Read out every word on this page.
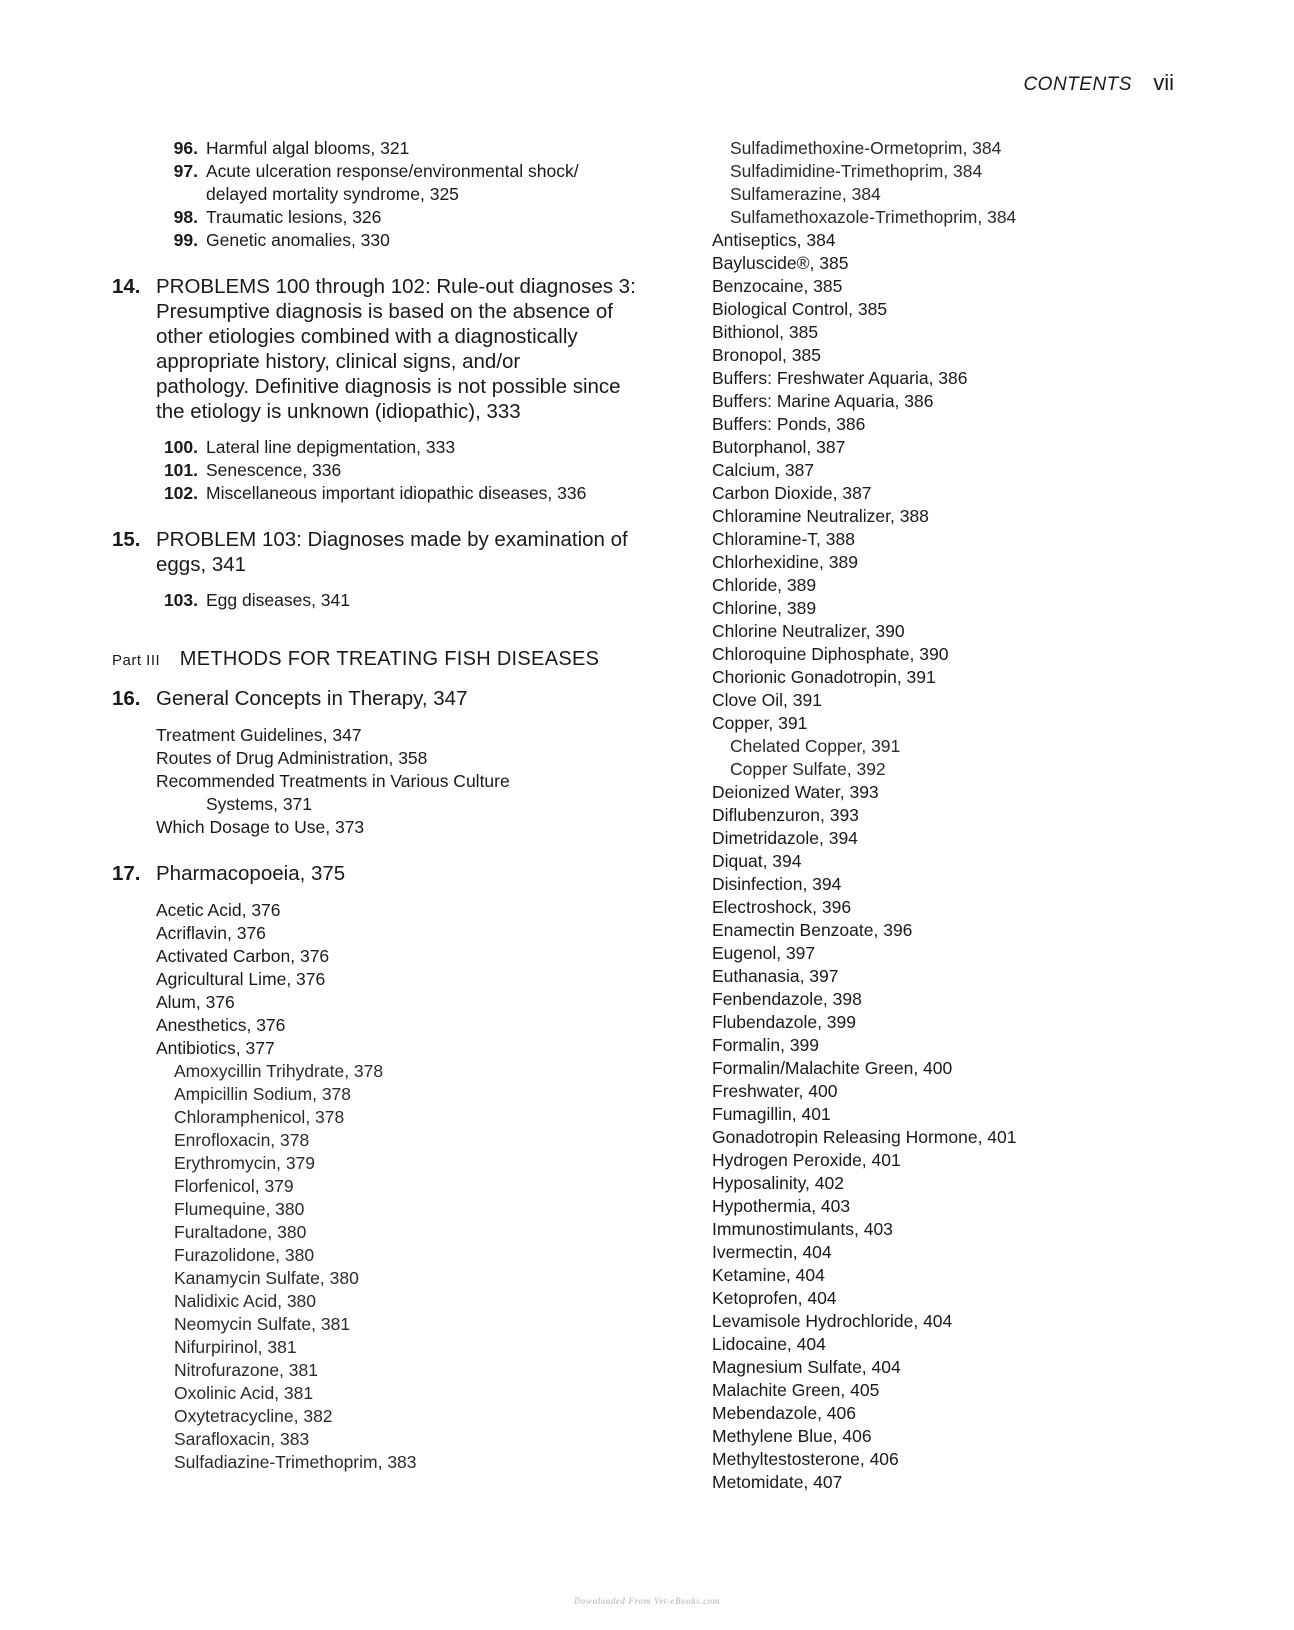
CONTENTS vii
96. Harmful algal blooms, 321
97. Acute ulceration response/environmental shock/
delayed mortality syndrome, 325
98. Traumatic lesions, 326
99. Genetic anomalies, 330
14. PROBLEMS 100 through 102: Rule-out diagnoses 3:
Presumptive diagnosis is based on the absence of
other etiologies combined with a diagnostically
appropriate history, clinical signs, and/or
pathology. Definitive diagnosis is not possible since
the etiology is unknown (idiopathic), 333
100. Lateral line depigmentation, 333
101. Senescence, 336
102. Miscellaneous important idiopathic diseases, 336
15. PROBLEM 103: Diagnoses made by examination of
eggs, 341
103. Egg diseases, 341
Part III METHODS FOR TREATING FISH DISEASES
16. General Concepts in Therapy, 347
Treatment Guidelines, 347
Routes of Drug Administration, 358
Recommended Treatments in Various Culture
Systems, 371
Which Dosage to Use, 373
17. Pharmacopoeia, 375
Acetic Acid, 376
Acriflavin, 376
Activated Carbon, 376
Agricultural Lime, 376
Alum, 376
Anesthetics, 376
Antibiotics, 377
Amoxycillin Trihydrate, 378
Ampicillin Sodium, 378
Chloramphenicol, 378
Enrofloxacin, 378
Erythromycin, 379
Florfenicol, 379
Flumequine, 380
Furaltadone, 380
Furazolidone, 380
Kanamycin Sulfate, 380
Nalidixic Acid, 380
Neomycin Sulfate, 381
Nifurpirinol, 381
Nitrofurazone, 381
Oxolinic Acid, 381
Oxytetracycline, 382
Sarafloxacin, 383
Sulfadiazine-Trimethoprim, 383
Sulfadimethoxine-Ormetoprim, 384
Sulfadimidine-Trimethoprim, 384
Sulfamerazine, 384
Sulfamethoxazole-Trimethoprim, 384
Antiseptics, 384
Bayluscide®, 385
Benzocaine, 385
Biological Control, 385
Bithionol, 385
Bronopol, 385
Buffers: Freshwater Aquaria, 386
Buffers: Marine Aquaria, 386
Buffers: Ponds, 386
Butorphanol, 387
Calcium, 387
Carbon Dioxide, 387
Chloramine Neutralizer, 388
Chloramine-T, 388
Chlorhexidine, 389
Chloride, 389
Chlorine, 389
Chlorine Neutralizer, 390
Chloroquine Diphosphate, 390
Chorionic Gonadotropin, 391
Clove Oil, 391
Copper, 391
Chelated Copper, 391
Copper Sulfate, 392
Deionized Water, 393
Diflubenzuron, 393
Dimetridazole, 394
Diquat, 394
Disinfection, 394
Electroshock, 396
Enamectin Benzoate, 396
Eugenol, 397
Euthanasia, 397
Fenbendazole, 398
Flubendazole, 399
Formalin, 399
Formalin/Malachite Green, 400
Freshwater, 400
Fumagillin, 401
Gonadotropin Releasing Hormone, 401
Hydrogen Peroxide, 401
Hyposalinity, 402
Hypothermia, 403
Immunostimulants, 403
Ivermectin, 404
Ketamine, 404
Ketoprofen, 404
Levamisole Hydrochloride, 404
Lidocaine, 404
Magnesium Sulfate, 404
Malachite Green, 405
Mebendazole, 406
Methylene Blue, 406
Methyltestosterone, 406
Metomidate, 407
Downloaded From Vet-eBooks.com
